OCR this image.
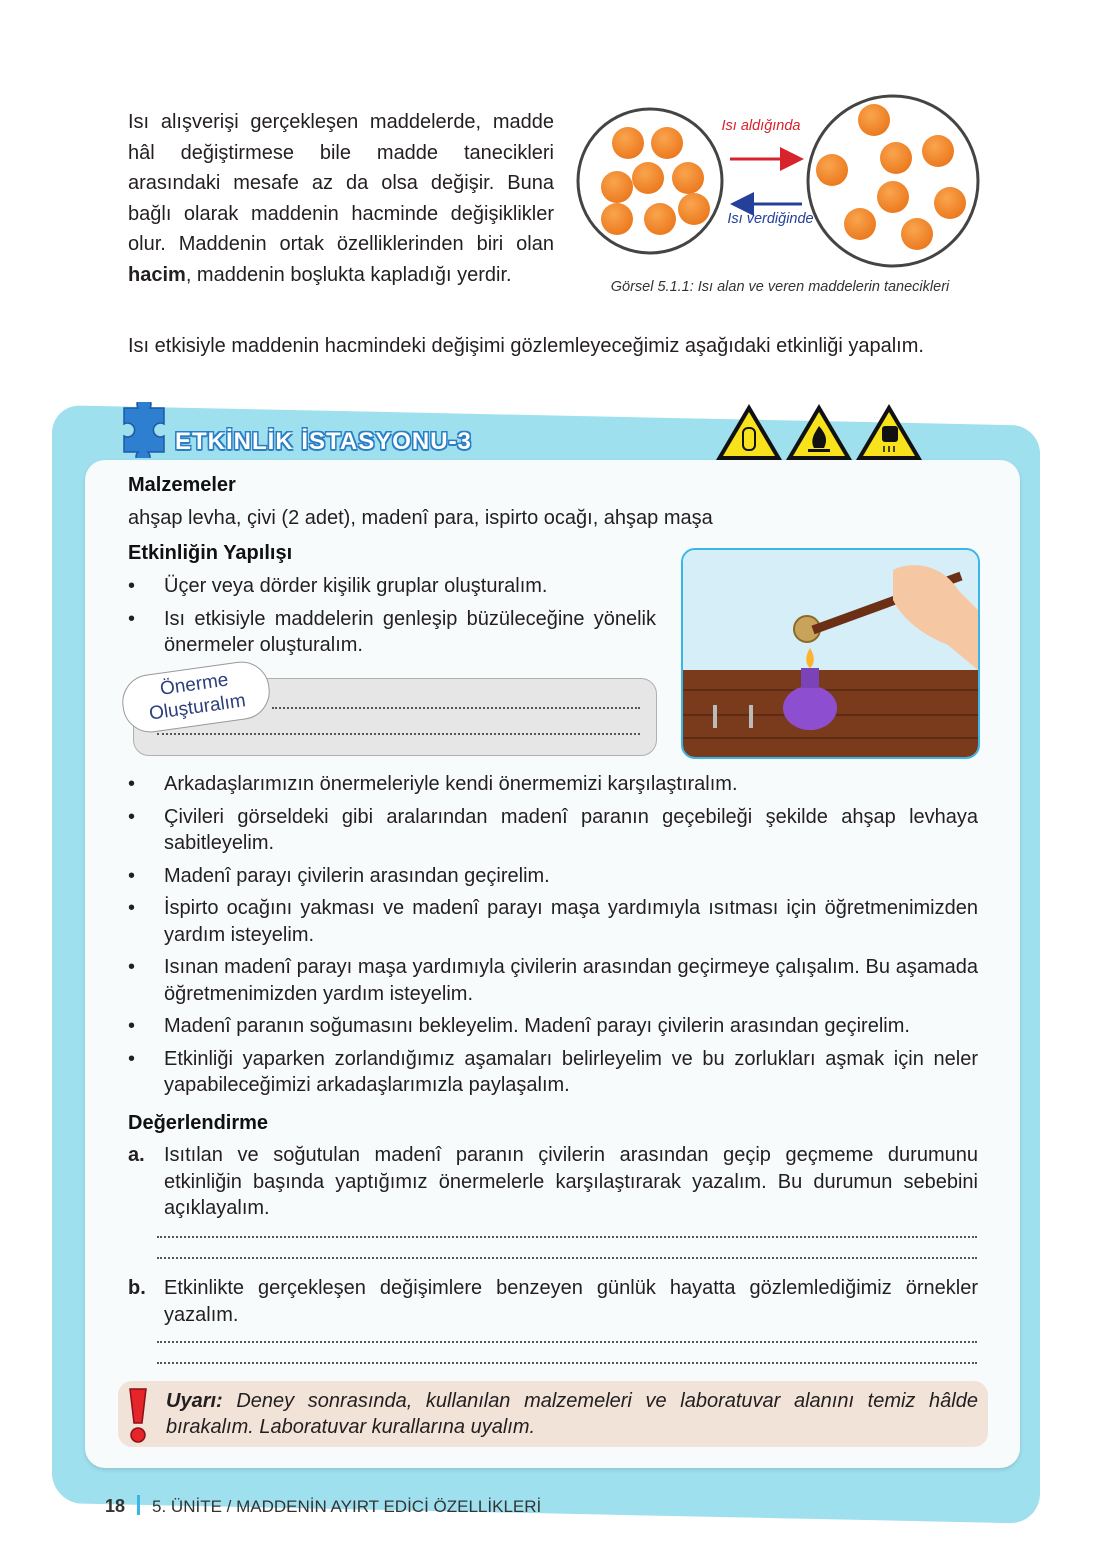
Isı alışverişi gerçekleşen maddelerde, madde hâl değiştirmese bile madde tanecikleri arasındaki mesafe az da olsa değişir. Buna bağlı olarak maddenin hacminde değişiklikler olur. Maddenin ortak özelliklerinden biri olan hacim, maddenin boşlukta kapladığı yerdir.

Isı aldığında
Isı verdiğinde
Görsel 5.1.1: Isı alan ve veren maddelerin tanecikleri

Isı etkisiyle maddenin hacmindeki değişimi gözlemleyeceğimiz aşağıdaki etkinliği yapalım.

ETKİNLİK İSTASYONU-3
Malzemeler
ahşap levha, çivi (2 adet), madenî para, ispirto ocağı, ahşap maşa
Etkinliğin Yapılışı
• Üçer veya dörder kişilik gruplar oluşturalım.
• Isı etkisiyle maddelerin genleşip büzüleceğine yönelik önermeler oluşturalım.
Önerme Oluşturalım
• Arkadaşlarımızın önermeleriyle kendi önermemizi karşılaştıralım.
• Çivileri görseldeki gibi aralarından madenî paranın geçebileği şekilde ahşap levhaya sabitleyelim.
• Madenî parayı çivilerin arasından geçirelim.
• İspirto ocağını yakması ve madenî parayı maşa yardımıyla ısıtması için öğretmenimizden yardım isteyelim.
• Isınan madenî parayı maşa yardımıyla çivilerin arasından geçirmeye çalışalım. Bu aşamada öğretmenimizden yardım isteyelim.
• Madenî paranın soğumasını bekleyelim. Madenî parayı çivilerin arasından geçirelim.
• Etkinliği yaparken zorlandığımız aşamaları belirleyelim ve bu zorlukları aşmak için neler yapabileceğimizi arkadaşlarımızla paylaşalım.
Değerlendirme
a. Isıtılan ve soğutulan madenî paranın çivilerin arasından geçip geçmeme durumunu etkinliğin başında yaptığımız önermelerle karşılaştırarak yazalım. Bu durumun sebebini açıklayalım.
b. Etkinlikte gerçekleşen değişimlere benzeyen günlük hayatta gözlemlediğimiz örnekler yazalım.

Uyarı: Deney sonrasında, kullanılan malzemeleri ve laboratuvar alanını temiz hâlde bırakalım. Laboratuvar kurallarına uyalım.

18 5. ÜNİTE / MADDENİN AYIRT EDİCİ ÖZELLİKLERİ
